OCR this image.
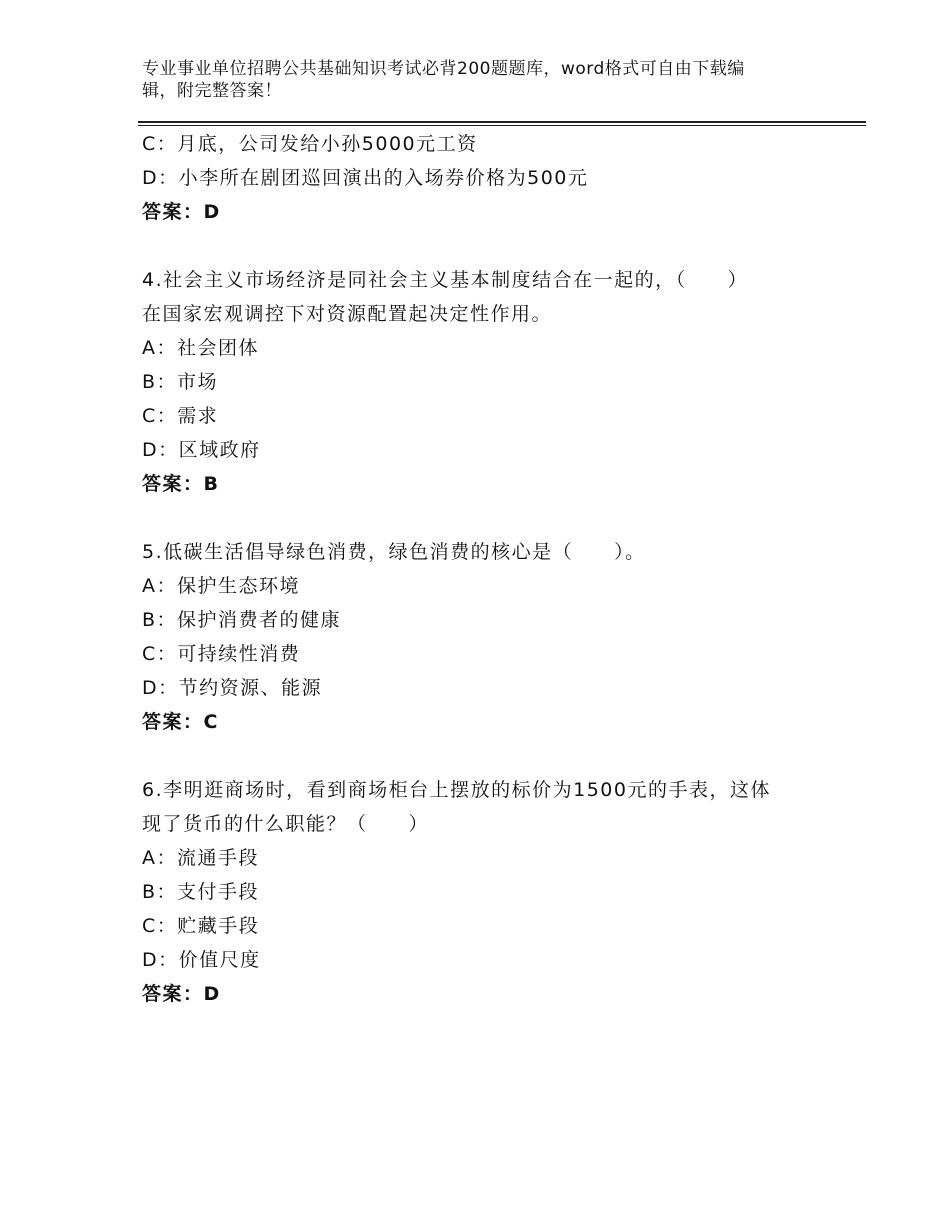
专业事业单位招聘公共基础知识考试必背200题题库，word格式可自由下载编
辑，附完整答案！
C：月底，公司发给小孙5000元工资
D：小李所在剧团巡回演出的入场券价格为500元
答案：D
4.社会主义市场经济是同社会主义基本制度结合在一起的，（　　）
在国家宏观调控下对资源配置起决定性作用。
A：社会团体
B：市场
C：需求
D：区域政府
答案：B
5.低碳生活倡导绿色消费，绿色消费的核心是（　　）。
A：保护生态环境
B：保护消费者的健康
C：可持续性消费
D：节约资源、能源
答案：C
6.李明逛商场时，看到商场柜台上摆放的标价为1500元的手表，这体
现了货币的什么职能？（　　）
A：流通手段
B：支付手段
C：贮藏手段
D：价值尺度
答案：D
